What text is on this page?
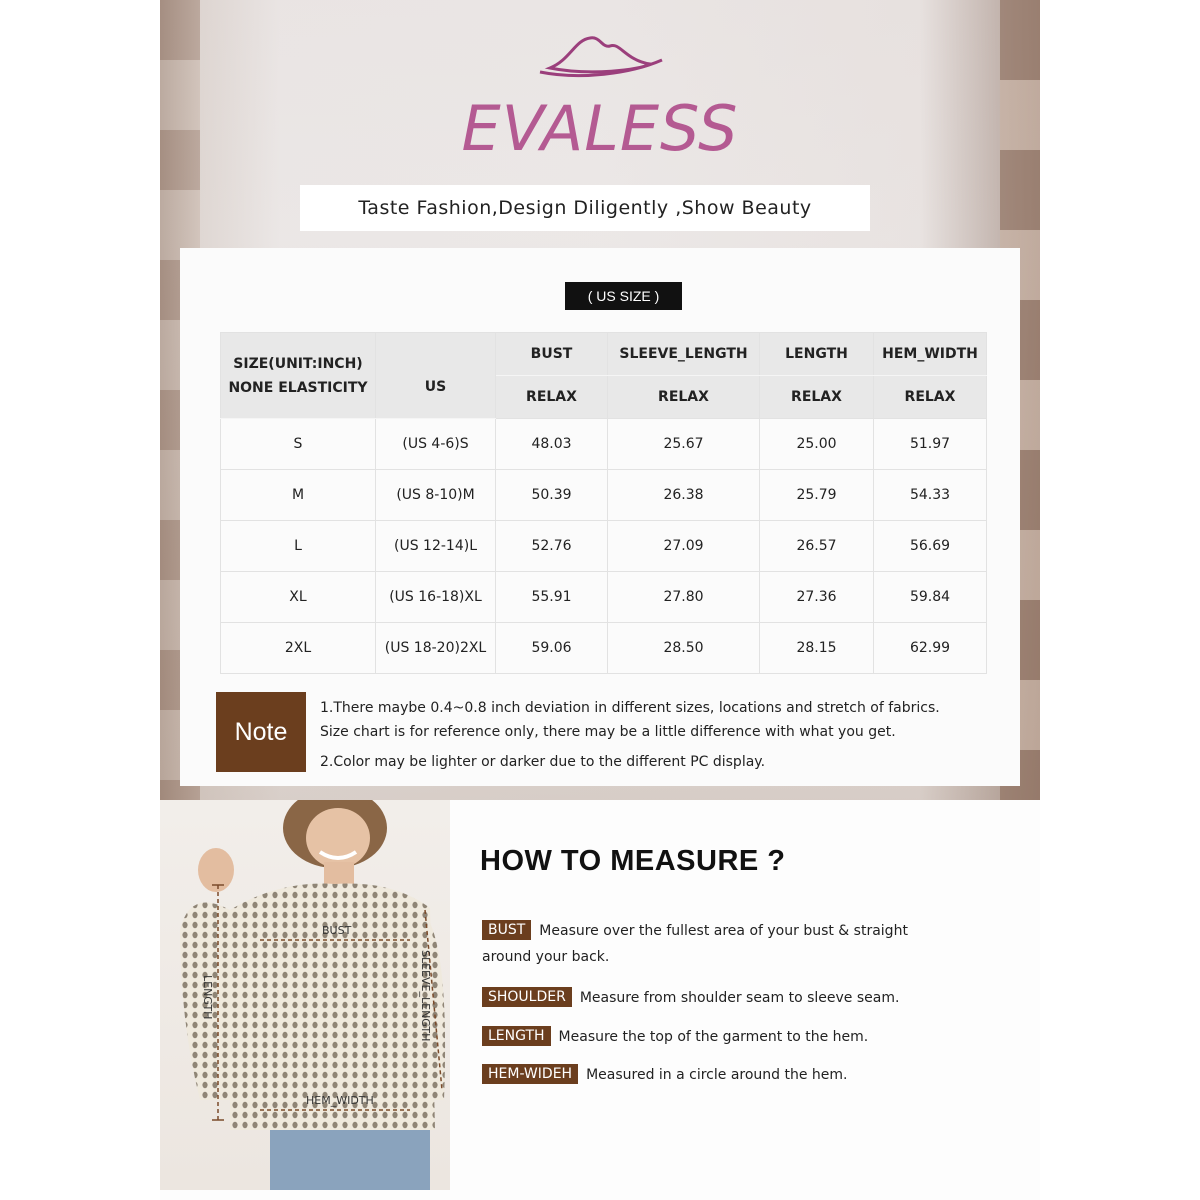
EVALESS
Taste Fashion,Design Diligently ,Show Beauty
( US SIZE )
SIZE(UNIT:INCH)
NONE ELASTICITY	US	BUST	SLEEVE_LENGTH	LENGTH	HEM_WIDTH
		RELAX	RELAX	RELAX	RELAX
S	(US 4-6)S	48.03	25.67	25.00	51.97
M	(US 8-10)M	50.39	26.38	25.79	54.33
L	(US 12-14)L	52.76	27.09	26.57	56.69
XL	(US 16-18)XL	55.91	27.80	27.36	59.84
2XL	(US 18-20)2XL	59.06	28.50	28.15	62.99
Note
1.There maybe 0.4~0.8 inch deviation in different sizes, locations and stretch of fabrics.
Size chart is for reference only, there may be a little difference with what you get.
2.Color may be lighter or darker due to the different PC display.
LENGTH
BUST
SLEEVE_LENGTH
HEM_WIDTH
HOW TO MEASURE ?
BUST Measure over the fullest area of your bust & straight
around your back.
SHOULDER Measure from shoulder seam to sleeve seam.
LENGTH Measure the top of the garment to the hem.
HEM-WIDEH Measured in a circle around the hem.
